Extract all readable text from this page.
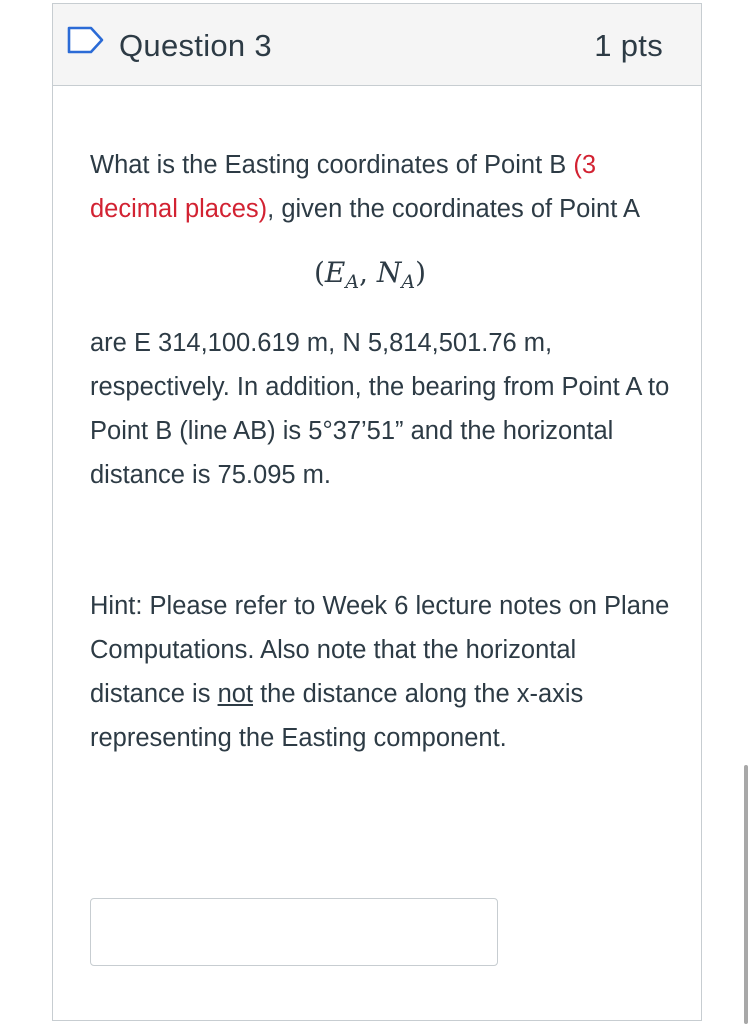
Question 3	1 pts

What is the Easting coordinates of Point B (3 decimal places), given the coordinates of Point A

($E_A$, $N_A$)

are E 314,100.619 m, N 5,814,501.76 m, respectively. In addition, the bearing from Point A to Point B (line AB) is 5°37’51” and the horizontal distance is 75.095 m.

Hint: Please refer to Week 6 lecture notes on Plane Computations. Also note that the horizontal distance is not the distance along the x-axis representing the Easting component.
